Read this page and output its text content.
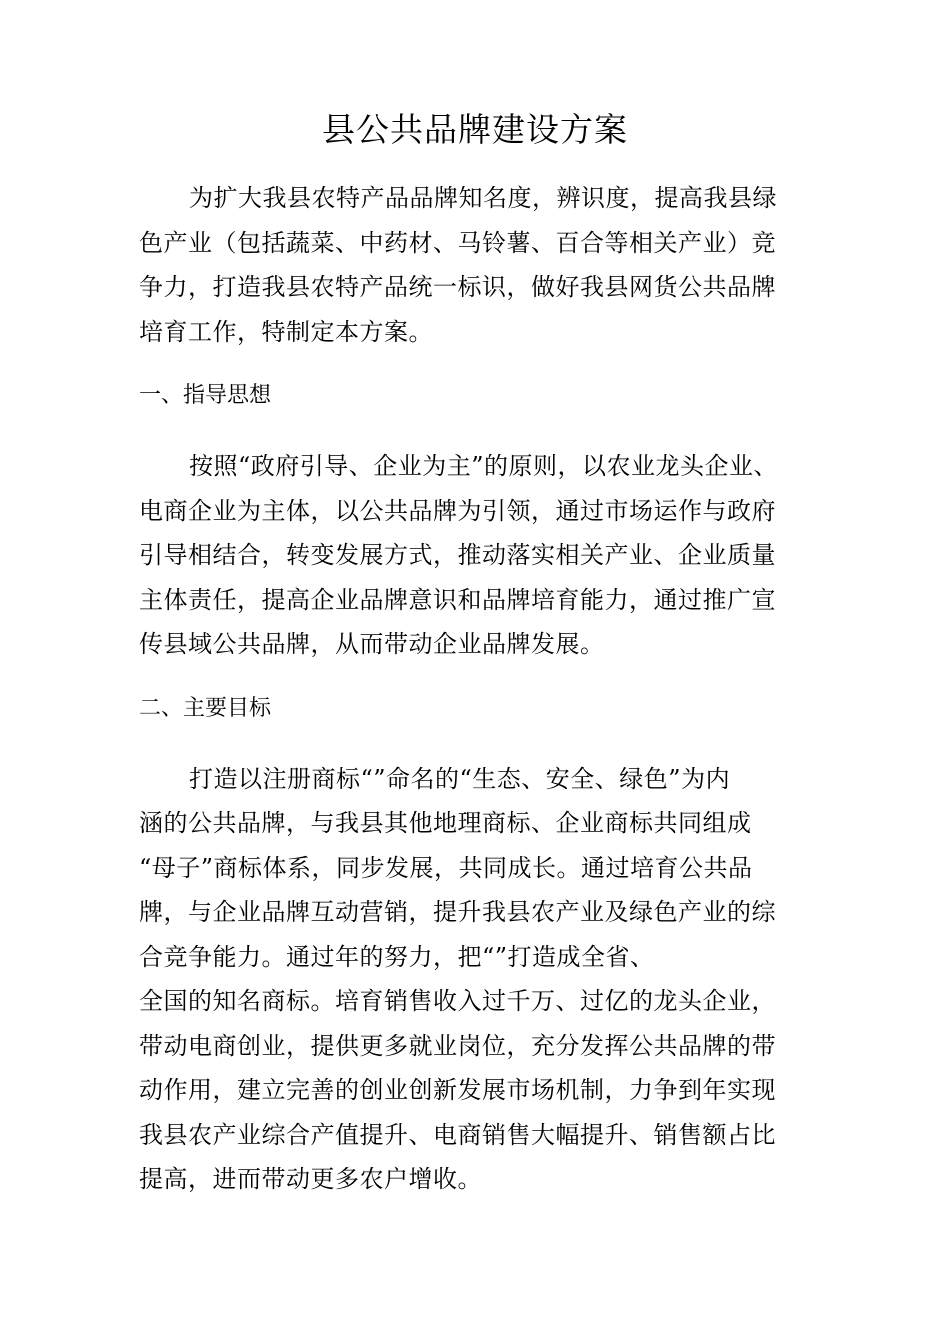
县公共品牌建设方案
为扩大我县农特产品品牌知名度，辨识度，提高我县绿
色产业（包括蔬菜、中药材、马铃薯、百合等相关产业）竞
争力，打造我县农特产品统一标识，做好我县网货公共品牌
培育工作，特制定本方案。
一、指导思想
按照“政府引导、企业为主”的原则，以农业龙头企业、
电商企业为主体，以公共品牌为引领，通过市场运作与政府
引导相结合，转变发展方式，推动落实相关产业、企业质量
主体责任，提高企业品牌意识和品牌培育能力，通过推广宣
传县域公共品牌，从而带动企业品牌发展。
二、主要目标
打造以注册商标“”命名的“生态、安全、绿色”为内
涵的公共品牌，与我县其他地理商标、企业商标共同组成
“母子”商标体系，同步发展，共同成长。通过培育公共品
牌，与企业品牌互动营销，提升我县农产业及绿色产业的综
合竞争能力。通过年的努力，把“”打造成全省、
全国的知名商标。培育销售收入过千万、过亿的龙头企业，
带动电商创业，提供更多就业岗位，充分发挥公共品牌的带
动作用，建立完善的创业创新发展市场机制，力争到年实现
我县农产业综合产值提升、电商销售大幅提升、销售额占比
提高，进而带动更多农户增收。
